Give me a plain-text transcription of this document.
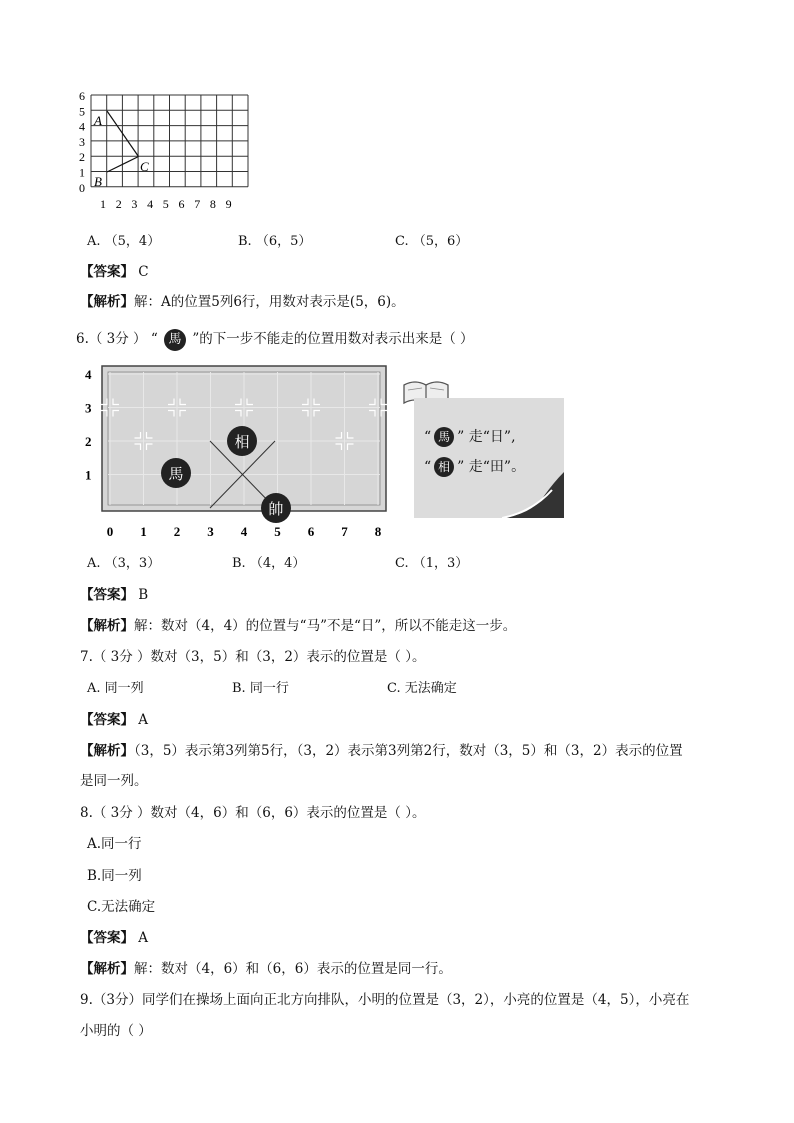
0
1
2
3
4
5
6
1 2 3 4 5 6 7 8 9
A
B
C
A. （5，4）	B. （6，5）	C. （5，6）
【答案】 C
【解析】解：A的位置5列6行，用数对表示是(5，6)。
6.（ 3分 ） “ 馬 ”的下一步不能走的位置用数对表示出来是（ ）
1
2
3
4
0 1 2 3 4 5 6 7 8
相
馬
帥
“ 馬 ” 走“日”,
“ 相 ” 走“田”。
A. （3，3）	B. （4，4）	C. （1，3）
【答案】 B
【解析】解：数对（4，4）的位置与“马”不是“日”，所以不能走这一步。
7.（ 3分 ）数对（3，5）和（3，2）表示的位置是（ ）。
A. 同一列	B. 同一行	C. 无法确定
【答案】 A
【解析】（3，5）表示第3列第5行，（3，2）表示第3列第2行，数对（3，5）和（3，2）表示的位置
是同一列。
8.（ 3分 ）数对（4，6）和（6，6）表示的位置是（ ）。
A.同一行
B.同一列
C.无法确定
【答案】 A
【解析】解：数对（4，6）和（6，6）表示的位置是同一行。
9.（3分）同学们在操场上面向正北方向排队，小明的位置是（3，2），小亮的位置是（4，5），小亮在
小明的（ ）
